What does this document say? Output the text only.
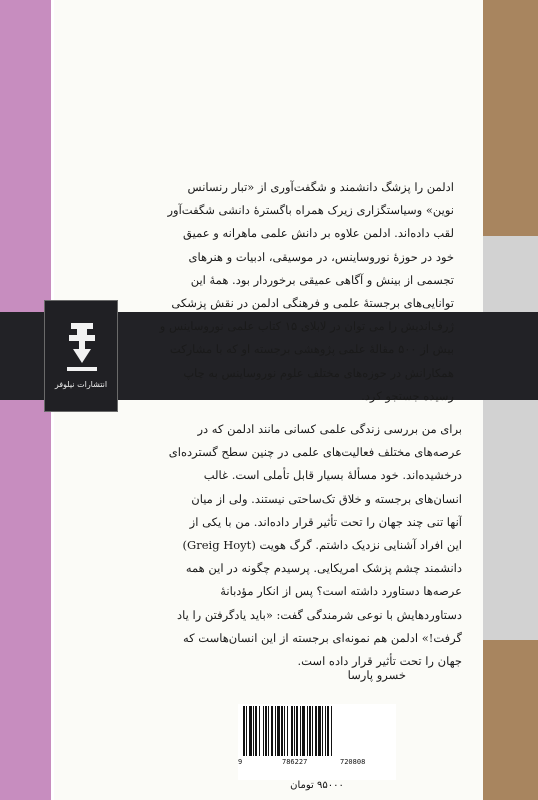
انتشارات نیلوفر
ادلمن را پزشگ دانشمند و شگفت‌آوری از «تبار رنسانس
نوین» وسیاستگزاری زیرک همراه باگسترهٔ دانشی شگفت‌آور
لقب داده‌اند. ادلمن علاوه بر دانش علمی ماهرانه و عمیق
خود در حوزهٔ نوروساینس، در موسیقی، ادبیات و هنرهای
تجسمی از بینش و آگاهی عمیقی برخوردار بود. همهٔ این
توانایی‌های برجستهٔ علمی و فرهنگی ادلمن در نقش پزشکی
ژرف‌اندیش را می توان در لابلای ۱۵ کتاب علمی نوروساینس و
بیش از ۵۰۰ مقالهٔ علمی پژوهشی برجسته او که با مشارکت
همکارانش در حوزه‌های مختلف علوم نوروساینس به چاپ
رسیده جستجو کرد.
برای من بررسی زندگی علمی کسانی مانند ادلمن که در
عرصه‌های مختلف فعالیت‌های علمی در چنین سطح گسترده‌ای
درخشیده‌اند. خود مسألهٔ بسیار قابل تأملی است. غالب
انسان‌های برجسته و خلاق تک‌ساحتی نیستند. ولی از میان
آنها تنی چند جهان را تحت تأثیر قرار داده‌اند. من با یکی از
این افراد آشنایی نزدیک داشتم. گرگ هویت (Greig Hoyt)
دانشمند چشم پزشک امریکایی. پرسیدم چگونه در این همه
عرصه‌ها دستاورد داشته است؟ پس از انکار مؤدبانهٔ
دستاوردهایش با نوعی شرمندگی گفت: «باید یادگرفتن را یاد
گرفت!» ادلمن هم نمونه‌ای برجسته از این انسان‌هاست که
جهان را تحت تأثیر قرار داده است.
خسرو پارسا
9	786227	720808
۹۵۰۰۰ تومان
